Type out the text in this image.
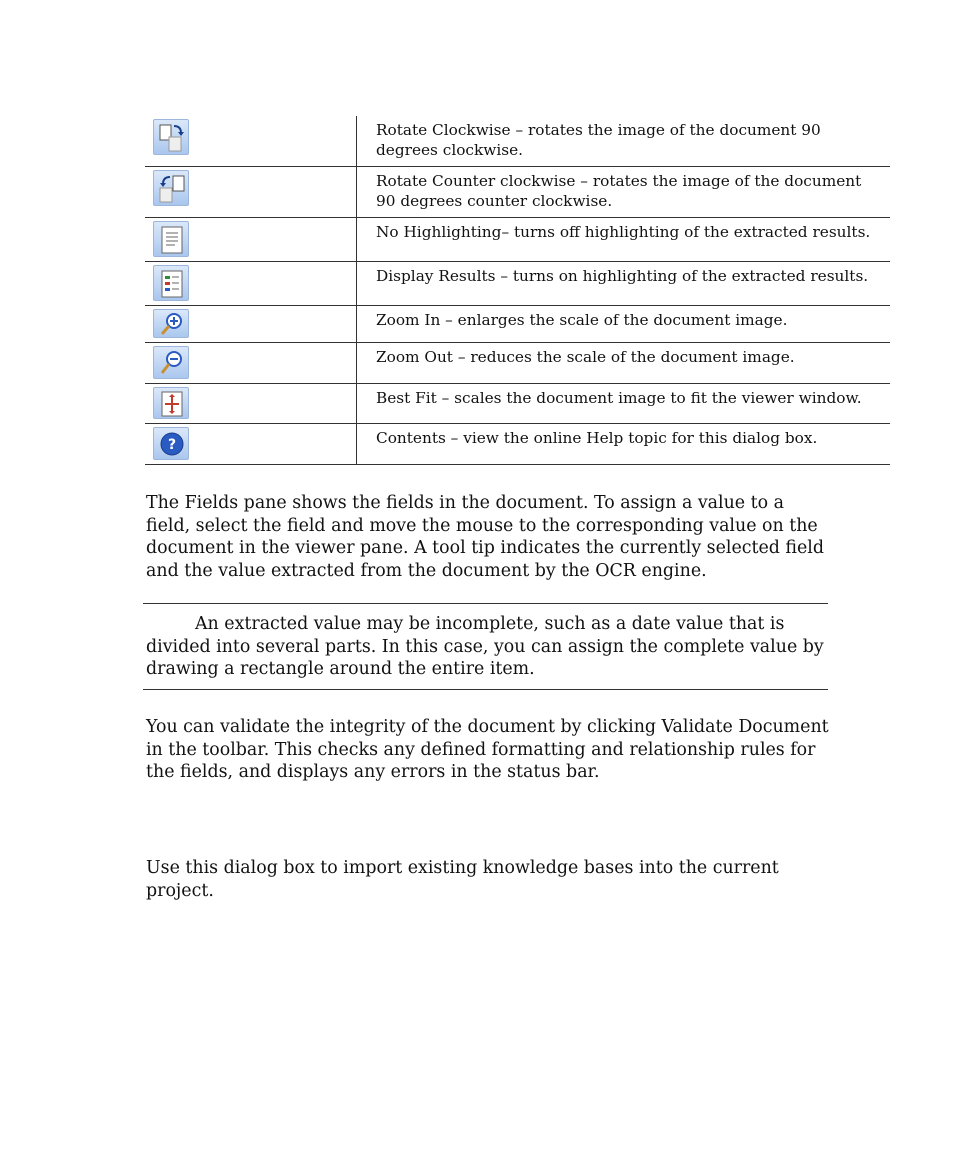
	Rotate Clockwise – rotates the image of the document 90 degrees clockwise.

	Rotate Counter clockwise – rotates the image of the document 90 degrees counter clockwise.

	No Highlighting– turns off highlighting of the extracted results.

	Display Results – turns on highlighting of the extracted results.

	Zoom In – enlarges the scale of the document image.

	Zoom Out – reduces the scale of the document image.

	Best Fit – scales the document image to fit the viewer window.

?	Contents – view the online Help topic for this dialog box.

The Fields pane shows the fields in the document. To assign a value to a field, select the field and move the mouse to the corresponding value on the document in the viewer pane. A tool tip indicates the currently selected field and the value extracted from the document by the OCR engine.

An extracted value may be incomplete, such as a date value that is divided into several parts. In this case, you can assign the complete value by drawing a rectangle around the entire item.

You can validate the integrity of the document by clicking Validate Document in the toolbar. This checks any defined formatting and relationship rules for the fields, and displays any errors in the status bar.

Use this dialog box to import existing knowledge bases into the current project.
